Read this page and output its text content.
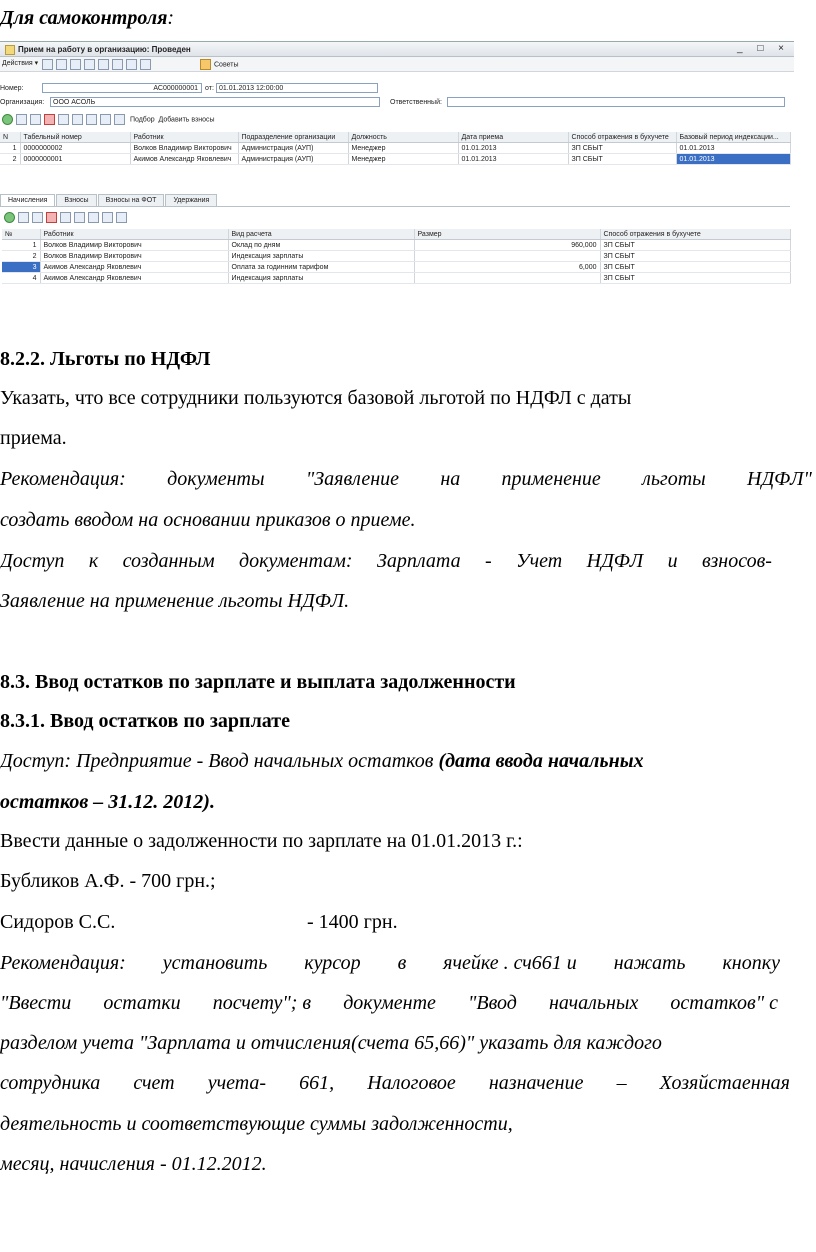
Для самоконтроля:
Прием на работу в организацию: Проведен	_ □ ×
Действия ▾	Советы
Номер:	АС000000001	от: 01.01.2013 12:00:00
Организация:	ООО АСОЛЬ	Ответственный:
Подбор Добавить взносы
N	Табельный номер	Работник	Подразделение организации	Должность	Дата приема	Способ отражения в бухучете	Базовый период индексации...
1	0000000002	Волков Владимир Викторович	Администрация (АУП)	Менеджер	01.01.2013	ЗП СБЫТ	01.01.2013
2	0000000001	Акимов Александр Яковлевич	Администрация (АУП)	Менеджер	01.01.2013	ЗП СБЫТ	01.01.2013
Начисления Взносы Взносы на ФОТ Удержания
№	Работник	Вид расчета	Размер	Способ отражения в бухучете
1	Волков Владимир Викторович	Оклад по дням	960,000	ЗП СБЫТ
2	Волков Владимир Викторович	Индексация зарплаты		ЗП СБЫТ
3	Акимов Александр Яковлевич	Оплата за годинним тарифом	6,000	ЗП СБЫТ
4	Акимов Александр Яковлевич	Индексация зарплаты		ЗП СБЫТ
8.2.2. Льготы по НДФЛ
Указать, что все сотрудники пользуются базовой льготой по НДФЛ с даты
приема.
Рекомендация: документы "Заявление на применение льготы НДФЛ"
создать вводом на основании приказов о приеме.
Доступ к созданным документам: Зарплата - Учет НДФЛ и взносов-
Заявление на применение льготы НДФЛ.
8.3. Ввод остатков по зарплате и выплата задолженности
8.3.1. Ввод остатков по зарплате
Доступ: Предприятие - Ввод начальных остатков (дата ввода начальных
остатков – 31.12. 2012).
Ввести данные о задолженности по зарплате на 01.01.2013 г.:
Бубликов А.Ф. - 700 грн.;
Сидоров С.С.	- 1400 грн.
Рекомендация: установить курсор в ячейке . сч661 и нажать кнопку
"Ввести остатки посчету"; в документе "Ввод начальных остатков" с
разделом учета "Зарплата и отчисления(счета 65,66)" указать для каждого
сотрудника счет учета- 661, Налоговое назначение – Хозяйстаенная
деятельность и соответствующие суммы задолженности,
месяц, начисления - 01.12.2012.
